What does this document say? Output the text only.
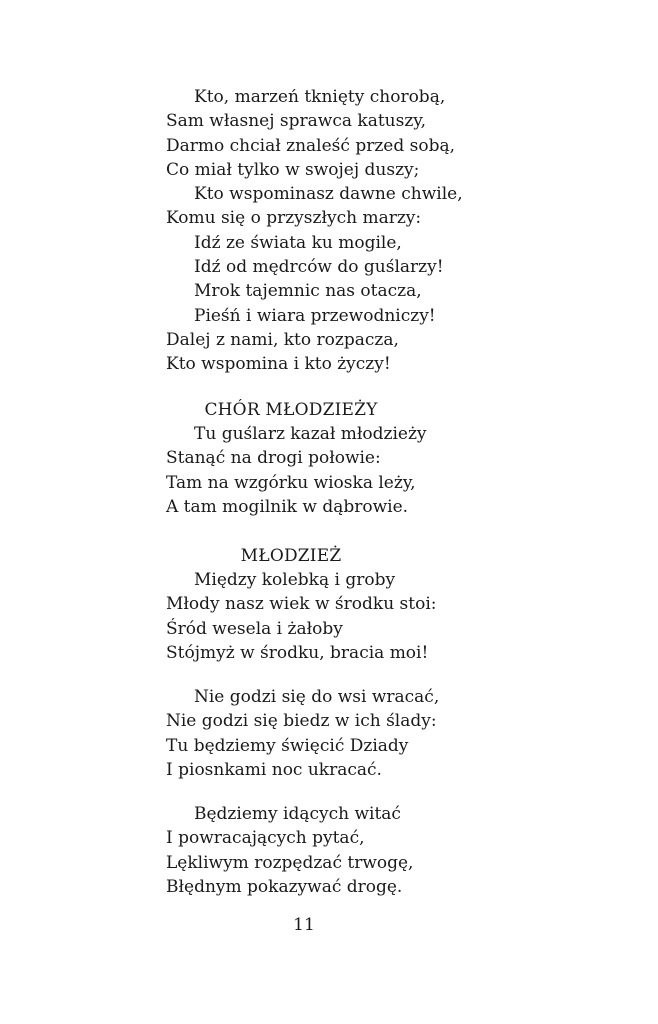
Kto, marzeń tknięty chorobą,
Sam własnej sprawca katuszy,
Darmo chciał znaleść przed sobą,
Co miał tylko w swojej duszy;
Kto wspominasz dawne chwile,
Komu się o przyszłych marzy:
Idź ze świata ku mogile,
Idź od mędrców do guślarzy!
Mrok tajemnic nas otacza,
Pieśń i wiara przewodniczy!
Dalej z nami, kto rozpacza,
Kto wspomina i kto życzy!
CHÓR MŁODZIEŻY
Tu guślarz kazał młodzieży
Stanąć na drogi połowie:
Tam na wzgórku wioska leży,
A tam mogilnik w dąbrowie.
MŁODZIEŻ
Między kolebką i groby
Młody nasz wiek w środku stoi:
Śród wesela i żałoby
Stójmyż w środku, bracia moi!
Nie godzi się do wsi wracać,
Nie godzi się biedz w ich ślady:
Tu będziemy święcić Dziady
I piosnkami noc ukracać.
Będziemy idących witać
I powracających pytać,
Lękliwym rozpędzać trwogę,
Błędnym pokazywać drogę.
11
